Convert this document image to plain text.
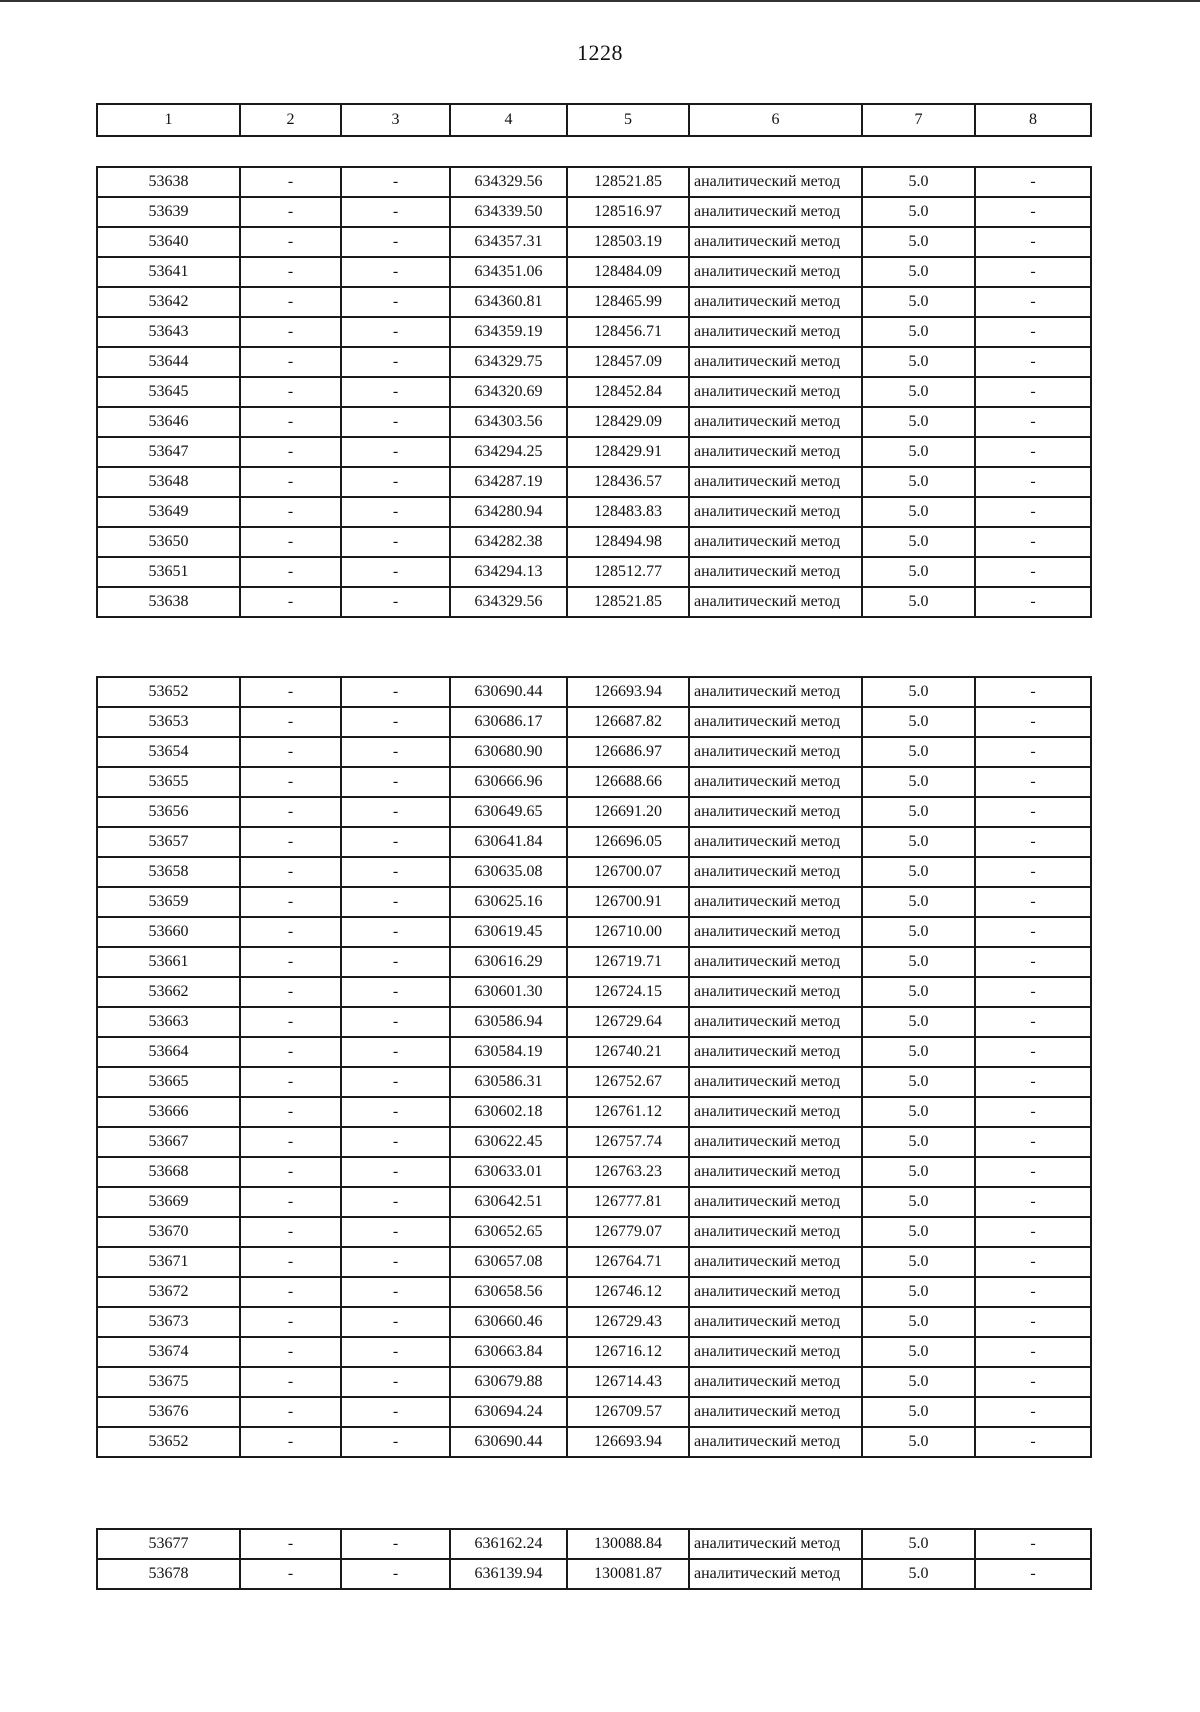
1228
1	2	3	4	5	6	7	8
53638	-	-	634329.56	128521.85	аналитический метод	5.0	-
53639	-	-	634339.50	128516.97	аналитический метод	5.0	-
53640	-	-	634357.31	128503.19	аналитический метод	5.0	-
53641	-	-	634351.06	128484.09	аналитический метод	5.0	-
53642	-	-	634360.81	128465.99	аналитический метод	5.0	-
53643	-	-	634359.19	128456.71	аналитический метод	5.0	-
53644	-	-	634329.75	128457.09	аналитический метод	5.0	-
53645	-	-	634320.69	128452.84	аналитический метод	5.0	-
53646	-	-	634303.56	128429.09	аналитический метод	5.0	-
53647	-	-	634294.25	128429.91	аналитический метод	5.0	-
53648	-	-	634287.19	128436.57	аналитический метод	5.0	-
53649	-	-	634280.94	128483.83	аналитический метод	5.0	-
53650	-	-	634282.38	128494.98	аналитический метод	5.0	-
53651	-	-	634294.13	128512.77	аналитический метод	5.0	-
53638	-	-	634329.56	128521.85	аналитический метод	5.0	-
53652	-	-	630690.44	126693.94	аналитический метод	5.0	-
53653	-	-	630686.17	126687.82	аналитический метод	5.0	-
53654	-	-	630680.90	126686.97	аналитический метод	5.0	-
53655	-	-	630666.96	126688.66	аналитический метод	5.0	-
53656	-	-	630649.65	126691.20	аналитический метод	5.0	-
53657	-	-	630641.84	126696.05	аналитический метод	5.0	-
53658	-	-	630635.08	126700.07	аналитический метод	5.0	-
53659	-	-	630625.16	126700.91	аналитический метод	5.0	-
53660	-	-	630619.45	126710.00	аналитический метод	5.0	-
53661	-	-	630616.29	126719.71	аналитический метод	5.0	-
53662	-	-	630601.30	126724.15	аналитический метод	5.0	-
53663	-	-	630586.94	126729.64	аналитический метод	5.0	-
53664	-	-	630584.19	126740.21	аналитический метод	5.0	-
53665	-	-	630586.31	126752.67	аналитический метод	5.0	-
53666	-	-	630602.18	126761.12	аналитический метод	5.0	-
53667	-	-	630622.45	126757.74	аналитический метод	5.0	-
53668	-	-	630633.01	126763.23	аналитический метод	5.0	-
53669	-	-	630642.51	126777.81	аналитический метод	5.0	-
53670	-	-	630652.65	126779.07	аналитический метод	5.0	-
53671	-	-	630657.08	126764.71	аналитический метод	5.0	-
53672	-	-	630658.56	126746.12	аналитический метод	5.0	-
53673	-	-	630660.46	126729.43	аналитический метод	5.0	-
53674	-	-	630663.84	126716.12	аналитический метод	5.0	-
53675	-	-	630679.88	126714.43	аналитический метод	5.0	-
53676	-	-	630694.24	126709.57	аналитический метод	5.0	-
53652	-	-	630690.44	126693.94	аналитический метод	5.0	-
53677	-	-	636162.24	130088.84	аналитический метод	5.0	-
53678	-	-	636139.94	130081.87	аналитический метод	5.0	-
